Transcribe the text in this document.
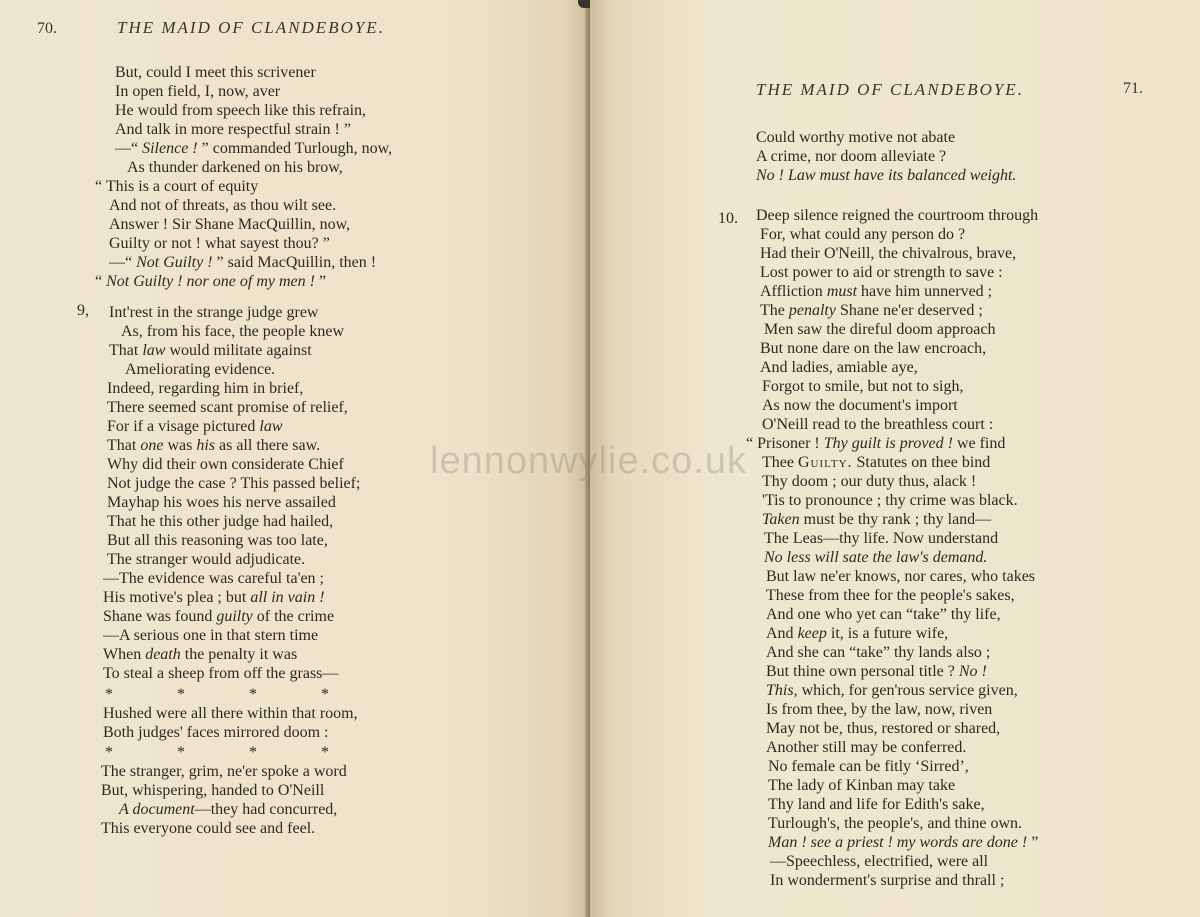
70.	THE MAID OF CLANDEBOYE.
9,
But, could I meet this scrivener
In open field, I, now, aver
He would from speech like this refrain,
And talk in more respectful strain ! ”
—“ Silence ! ” commanded Turlough, now,
As thunder darkened on his brow,
“ This is a court of equity
And not of threats, as thou wilt see.
Answer ! Sir Shane MacQuillin, now,
Guilty or not ! what sayest thou? ”
—“ Not Guilty ! ” said MacQuillin, then !
“ Not Guilty ! nor one of my men ! ”
Int'rest in the strange judge grew
As, from his face, the people knew
That law would militate against
Ameliorating evidence.
Indeed, regarding him in brief,
There seemed scant promise of relief,
For if a visage pictured law
That one was his as all there saw.
Why did their own considerate Chief
Not judge the case ? This passed belief;
Mayhap his woes his nerve assailed
That he this other judge had hailed,
But all this reasoning was too late,
The stranger would adjudicate.
—The evidence was careful ta'en ;
His motive's plea ; but all in vain !
Shane was found guilty of the crime
—A serious one in that stern time
When death the penalty it was
To steal a sheep from off the grass—
* * * *
Hushed were all there within that room,
Both judges' faces mirrored doom :
* * * *
The stranger, grim, ne'er spoke a word
But, whispering, handed to O'Neill
A document—they had concurred,
This everyone could see and feel.
THE MAID OF CLANDEBOYE.	71.
10.
Could worthy motive not abate
A crime, nor doom alleviate ?
No ! Law must have its balanced weight.
Deep silence reigned the courtroom through
For, what could any person do ?
Had their O'Neill, the chivalrous, brave,
Lost power to aid or strength to save :
Affliction must have him unnerved ;
The penalty Shane ne'er deserved ;
Men saw the direful doom approach
But none dare on the law encroach,
And ladies, amiable aye,
Forgot to smile, but not to sigh,
As now the document's import
O'Neill read to the breathless court :
“ Prisoner ! Thy guilt is proved ! we find
Thee Guilty. Statutes on thee bind
Thy doom ; our duty thus, alack !
'Tis to pronounce ; thy crime was black.
Taken must be thy rank ; thy land—
The Leas—thy life. Now understand
No less will sate the law's demand.
But law ne'er knows, nor cares, who takes
These from thee for the people's sakes,
And one who yet can “take” thy life,
And keep it, is a future wife,
And she can “take” thy lands also ;
But thine own personal title ? No !
This, which, for gen'rous service given,
Is from thee, by the law, now, riven
May not be, thus, restored or shared,
Another still may be conferred.
No female can be fitly ‘Sirred’,
The lady of Kinban may take
Thy land and life for Edith's sake,
Turlough's, the people's, and thine own.
Man ! see a priest ! my words are done ! ”
—Speechless, electrified, were all
In wonderment's surprise and thrall ;
lennonwylie.co.uk
